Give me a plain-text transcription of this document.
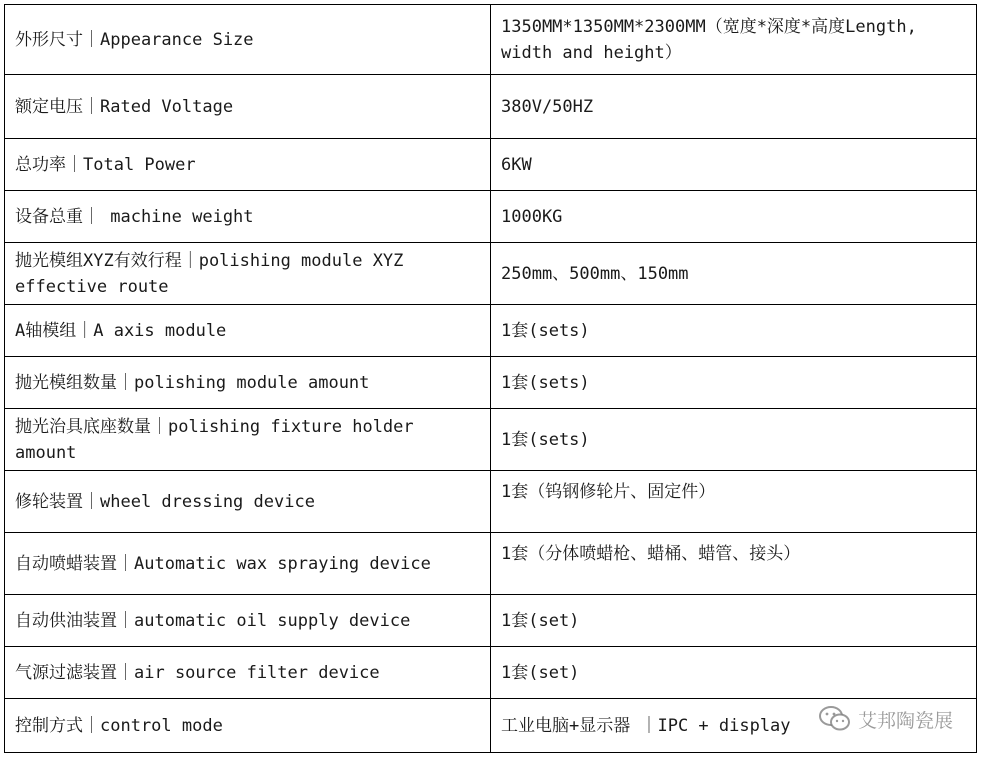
外形尺寸｜Appearance Size	1350MM*1350MM*2300MM（宽度*深度*高度Length, width and height）
额定电压｜Rated Voltage	380V/50HZ
总功率｜Total Power	6KW
设备总重｜ machine weight	1000KG
抛光模组XYZ有效行程｜polishing module XYZ effective route	250mm、500mm、150mm
A轴模组｜A axis module	1套(sets)
抛光模组数量｜polishing module amount	1套(sets)
抛光治具底座数量｜polishing fixture holder amount	1套(sets)
修轮装置｜wheel dressing device	1套（钨钢修轮片、固定件）
自动喷蜡装置｜Automatic wax spraying device	1套（分体喷蜡枪、蜡桶、蜡管、接头）
自动供油装置｜automatic oil supply device	1套(set)
气源过滤装置｜air source filter device	1套(set)
控制方式｜control mode	工业电脑+显示器 ｜IPC + display	艾邦陶瓷展
